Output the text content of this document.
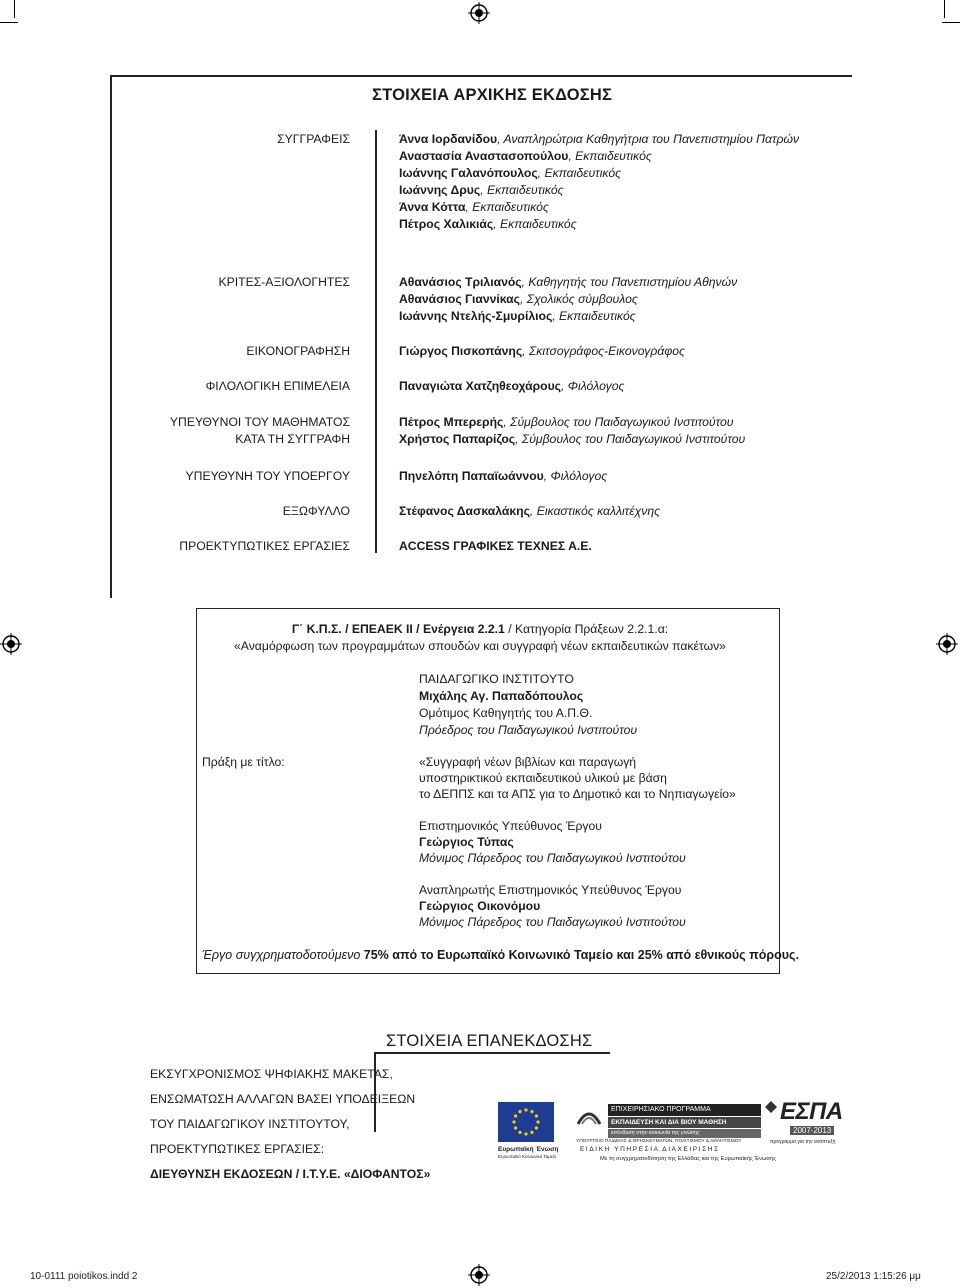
ΣΤΟΙΧΕΙΑ ΑΡΧΙΚΗΣ ΕΚΔΟΣΗΣ
ΣΥΓΓΡΑΦΕΙΣ
ΚΡΙΤΕΣ-ΑΞΙΟΛΟΓΗΤΕΣ
ΕΙΚΟΝΟΓΡΑΦΗΣΗ
ΦΙΛΟΛΟΓΙΚΗ ΕΠΙΜΕΛΕΙΑ
ΥΠΕΥΘΥΝΟΙ ΤΟΥ ΜΑΘΗΜΑΤΟΣ
ΚΑΤΑ ΤΗ ΣΥΓΓΡΑΦΗ
ΥΠΕΥΘΥΝΗ ΤΟΥ ΥΠΟΕΡΓΟΥ
ΕΞΩΦΥΛΛΟ
ΠΡΟΕΚΤΥΠΩΤΙΚΕΣ ΕΡΓΑΣΙΕΣ
Άννα Ιορδανίδου, Αναπληρώτρια Καθηγήτρια του Πανεπιστημίου Πατρών
Αναστασία Αναστασοπούλου, Εκπαιδευτικός
Ιωάννης Γαλανόπουλος, Εκπαιδευτικός
Ιωάννης Δρυς, Εκπαιδευτικός
Άννα Κόττα, Εκπαιδευτικός
Πέτρος Χαλικιάς, Εκπαιδευτικός
Αθανάσιος Τριλιανός, Καθηγητής του Πανεπιστημίου Αθηνών
Αθανάσιος Γιαννίκας, Σχολικός σύμβουλος
Ιωάννης Ντελής-Σμυρίλιος, Εκπαιδευτικός
Γιώργος Πισκοπάνης, Σκιτσογράφος-Εικονογράφος
Παναγιώτα Χατζηθεοχάρους, Φιλόλογος
Πέτρος Μπερερής, Σύμβουλος του Παιδαγωγικού Ινστιτούτου
Χρήστος Παπαρίζος, Σύμβουλος του Παιδαγωγικού Ινστιτούτου
Πηνελόπη Παπαϊωάννου, Φιλόλογος
Στέφανος Δασκαλάκης, Εικαστικός καλλιτέχνης
ACCESS ΓΡΑΦΙΚΕΣ ΤΕΧΝΕΣ Α.Ε.
Γ΄ Κ.Π.Σ. / ΕΠΕΑΕΚ ΙΙ / Ενέργεια 2.2.1 / Κατηγορία Πράξεων 2.2.1.α:
«Αναμόρφωση των προγραμμάτων σπουδών και συγγραφή νέων εκπαιδευτικών πακέτων»
ΠΑΙΔΑΓΩΓΙΚΟ ΙΝΣΤΙΤΟΥΤΟ
Μιχάλης Αγ. Παπαδόπουλος
Ομότιμος Καθηγητής του Α.Π.Θ.
Πρόεδρος του Παιδαγωγικού Ινστιτούτου
Πράξη με τίτλο:	«Συγγραφή νέων βιβλίων και παραγωγή
υποστηρικτικού εκπαιδευτικού υλικού με βάση
το ΔΕΠΠΣ και τα ΑΠΣ για το Δημοτικό και το Νηπιαγωγείο»
Επιστημονικός Υπεύθυνος Έργου
Γεώργιος Τύπας
Μόνιμος Πάρεδρος του Παιδαγωγικού Ινστιτούτου
Αναπληρωτής Επιστημονικός Υπεύθυνος Έργου
Γεώργιος Οικονόμου
Μόνιμος Πάρεδρος του Παιδαγωγικού Ινστιτούτου
Έργο συγχρηματοδοτούμενο 75% από το Ευρωπαϊκό Κοινωνικό Ταμείο και 25% από εθνικούς πόρους.
ΣΤΟΙΧΕΙΑ ΕΠΑΝΕΚΔΟΣΗΣ
ΕΚΣΥΓΧΡΟΝΙΣΜΟΣ ΨΗΦΙΑΚΗΣ ΜΑΚΕΤΑΣ,
ΕΝΣΩΜΑΤΩΣΗ ΑΛΛΑΓΩΝ ΒΑΣΕΙ ΥΠΟΔΕΙΞΕΩΝ
ΤΟΥ ΠΑΙΔΑΓΩΓΙΚΟΥ ΙΝΣΤΙΤΟΥΤΟΥ,
ΠΡΟΕΚΤΥΠΩΤΙΚΕΣ ΕΡΓΑΣΙΕΣ:
ΔΙΕΥΘΥΝΣΗ ΕΚΔΟΣΕΩΝ / Ι.Τ.Υ.Ε. «ΔΙΟΦΑΝΤΟΣ»
Ευρωπαϊκή Ένωση
Ευρωπαϊκό Κοινωνικό Ταμείο
ΕΠΙΧΕΙΡΗΣΙΑΚΟ ΠΡΟΓΡΑΜΜΑ
ΕΚΠΑΙΔΕΥΣΗ ΚΑΙ ΔΙΑ ΒΙΟΥ ΜΑΘΗΣΗ
επένδυση στην κοινωνία της γνώσης
ΥΠΟΥΡΓΕΙΟ ΠΑΙΔΕΙΑΣ & ΘΡΗΣΚΕΥΜΑΤΩΝ, ΠΟΛΙΤΙΣΜΟΥ & ΑΘΛΗΤΙΣΜΟΥ
ΕΙΔΙΚΗ ΥΠΗΡΕΣΙΑ ΔΙΑΧΕΙΡΙΣΗΣ
ΕΣΠΑ
2007-2013
πρόγραμμα για την ανάπτυξη
Με τη συγχρηματοδότηση της Ελλάδας και της Ευρωπαϊκής Ένωσης
10-0111 poiotikos.indd 2	25/2/2013 1:15:26 μμ
